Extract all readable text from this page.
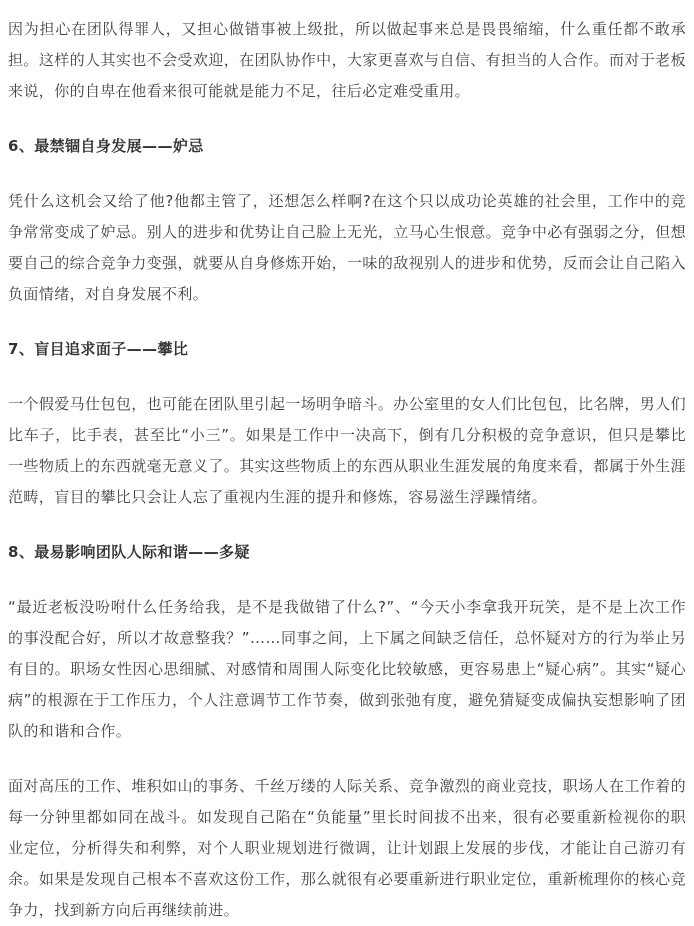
因为担心在团队得罪人，又担心做错事被上级批，所以做起事来总是畏畏缩缩，什么重任都不敢承担。这样的人其实也不会受欢迎，在团队协作中，大家更喜欢与自信、有担当的人合作。而对于老板来说，你的自卑在他看来很可能就是能力不足，往后必定难受重用。

6、最禁锢自身发展——妒忌

凭什么这机会又给了他?他都主管了，还想怎么样啊?在这个只以成功论英雄的社会里，工作中的竞争常常变成了妒忌。别人的进步和优势让自己脸上无光，立马心生恨意。竞争中必有强弱之分，但想要自己的综合竞争力变强，就要从自身修炼开始，一味的敌视别人的进步和优势，反而会让自己陷入负面情绪，对自身发展不利。

7、盲目追求面子——攀比

一个假爱马仕包包，也可能在团队里引起一场明争暗斗。办公室里的女人们比包包，比名牌，男人们比车子，比手表，甚至比“小三”。如果是工作中一决高下，倒有几分积极的竞争意识，但只是攀比一些物质上的东西就毫无意义了。其实这些物质上的东西从职业生涯发展的角度来看，都属于外生涯范畴，盲目的攀比只会让人忘了重视内生涯的提升和修炼，容易滋生浮躁情绪。

8、最易影响团队人际和谐——多疑

“最近老板没吩咐什么任务给我，是不是我做错了什么?”、“今天小李拿我开玩笑，是不是上次工作的事没配合好，所以才故意整我？”……同事之间，上下属之间缺乏信任，总怀疑对方的行为举止另有目的。职场女性因心思细腻、对感情和周围人际变化比较敏感，更容易患上“疑心病”。其实“疑心病”的根源在于工作压力，个人注意调节工作节奏，做到张弛有度，避免猜疑变成偏执妄想影响了团队的和谐和合作。

面对高压的工作、堆积如山的事务、千丝万缕的人际关系、竞争激烈的商业竞技，职场人在工作着的每一分钟里都如同在战斗。如发现自己陷在“负能量”里长时间拔不出来，很有必要重新检视你的职业定位，分析得失和利弊，对个人职业规划进行微调，让计划跟上发展的步伐，才能让自己游刃有余。如果是发现自己根本不喜欢这份工作，那么就很有必要重新进行职业定位，重新梳理你的核心竞争力，找到新方向后再继续前进。
